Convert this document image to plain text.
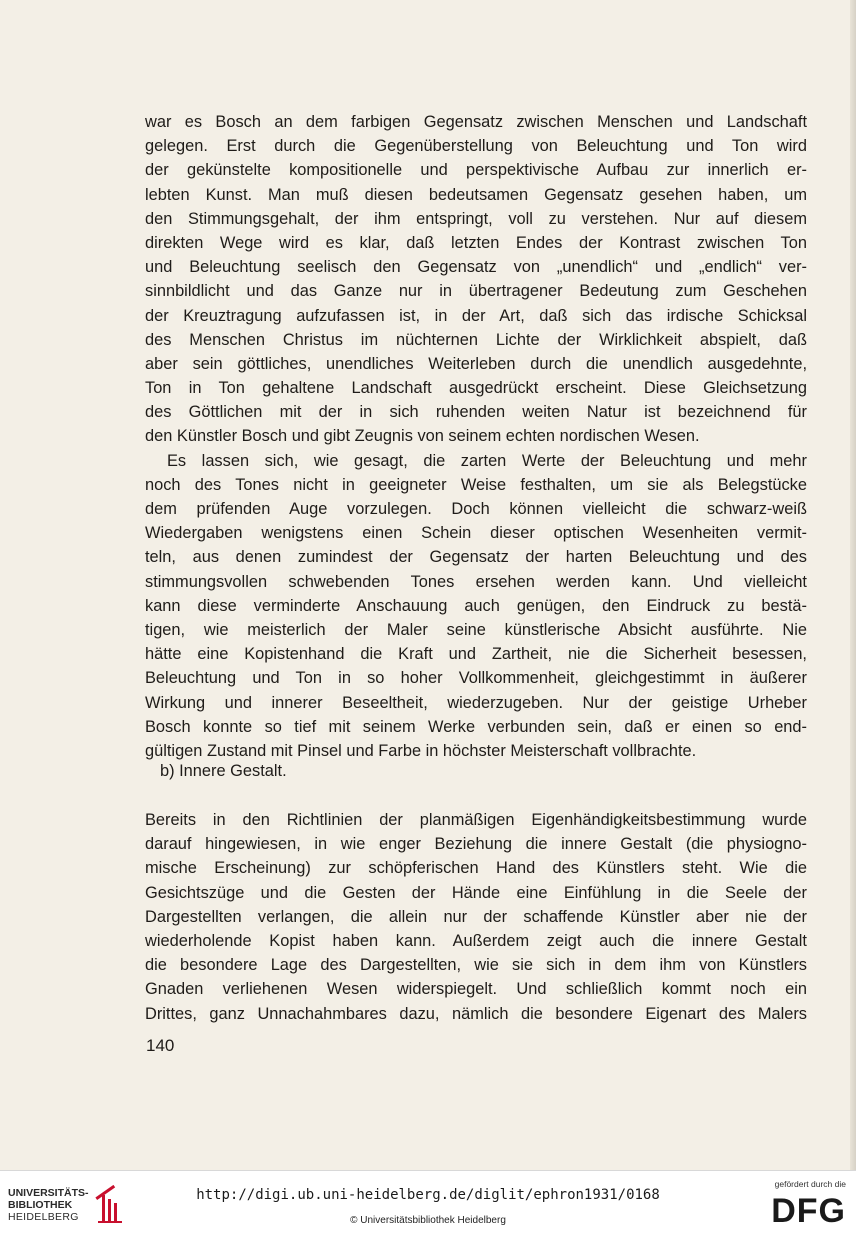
war es Bosch an dem farbigen Gegensatz zwischen Menschen und Landschaft
gelegen. Erst durch die Gegenüberstellung von Beleuchtung und Ton wird
der gekünstelte kompositionelle und perspektivische Aufbau zur innerlich er-
lebten Kunst. Man muß diesen bedeutsamen Gegensatz gesehen haben, um
den Stimmungsgehalt, der ihm entspringt, voll zu verstehen. Nur auf diesem
direkten Wege wird es klar, daß letzten Endes der Kontrast zwischen Ton
und Beleuchtung seelisch den Gegensatz von „unendlich“ und „endlich“ ver-
sinnbildlicht und das Ganze nur in übertragener Bedeutung zum Geschehen
der Kreuztragung aufzufassen ist, in der Art, daß sich das irdische Schicksal
des Menschen Christus im nüchternen Lichte der Wirklichkeit abspielt, daß
aber sein göttliches, unendliches Weiterleben durch die unendlich ausgedehnte,
Ton in Ton gehaltene Landschaft ausgedrückt erscheint. Diese Gleichsetzung
des Göttlichen mit der in sich ruhenden weiten Natur ist bezeichnend für
den Künstler Bosch und gibt Zeugnis von seinem echten nordischen Wesen.
Es lassen sich, wie gesagt, die zarten Werte der Beleuchtung und mehr
noch des Tones nicht in geeigneter Weise festhalten, um sie als Belegstücke
dem prüfenden Auge vorzulegen. Doch können vielleicht die schwarz-weiß
Wiedergaben wenigstens einen Schein dieser optischen Wesenheiten vermit-
teln, aus denen zumindest der Gegensatz der harten Beleuchtung und des
stimmungsvollen schwebenden Tones ersehen werden kann. Und vielleicht
kann diese verminderte Anschauung auch genügen, den Eindruck zu bestä-
tigen, wie meisterlich der Maler seine künstlerische Absicht ausführte. Nie
hätte eine Kopistenhand die Kraft und Zartheit, nie die Sicherheit besessen,
Beleuchtung und Ton in so hoher Vollkommenheit, gleichgestimmt in äußerer
Wirkung und innerer Beseeltheit, wiederzugeben. Nur der geistige Urheber
Bosch konnte so tief mit seinem Werke verbunden sein, daß er einen so end-
gültigen Zustand mit Pinsel und Farbe in höchster Meisterschaft vollbrachte.
b) Innere Gestalt.
Bereits in den Richtlinien der planmäßigen Eigenhändigkeitsbestimmung wurde
darauf hingewiesen, in wie enger Beziehung die innere Gestalt (die physiogno-
mische Erscheinung) zur schöpferischen Hand des Künstlers steht. Wie die
Gesichtszüge und die Gesten der Hände eine Einfühlung in die Seele der
Dargestellten verlangen, die allein nur der schaffende Künstler aber nie der
wiederholende Kopist haben kann. Außerdem zeigt auch die innere Gestalt
die besondere Lage des Dargestellten, wie sie sich in dem ihm von Künstlers
Gnaden verliehenen Wesen widerspiegelt. Und schließlich kommt noch ein
Drittes, ganz Unnachahmbares dazu, nämlich die besondere Eigenart des Malers
140
UNIVERSITÄTS-
BIBLIOTHEK
HEIDELBERG
http://digi.ub.uni-heidelberg.de/diglit/ephron1931/0168
© Universitätsbibliothek Heidelberg
gefördert durch die
DFG
